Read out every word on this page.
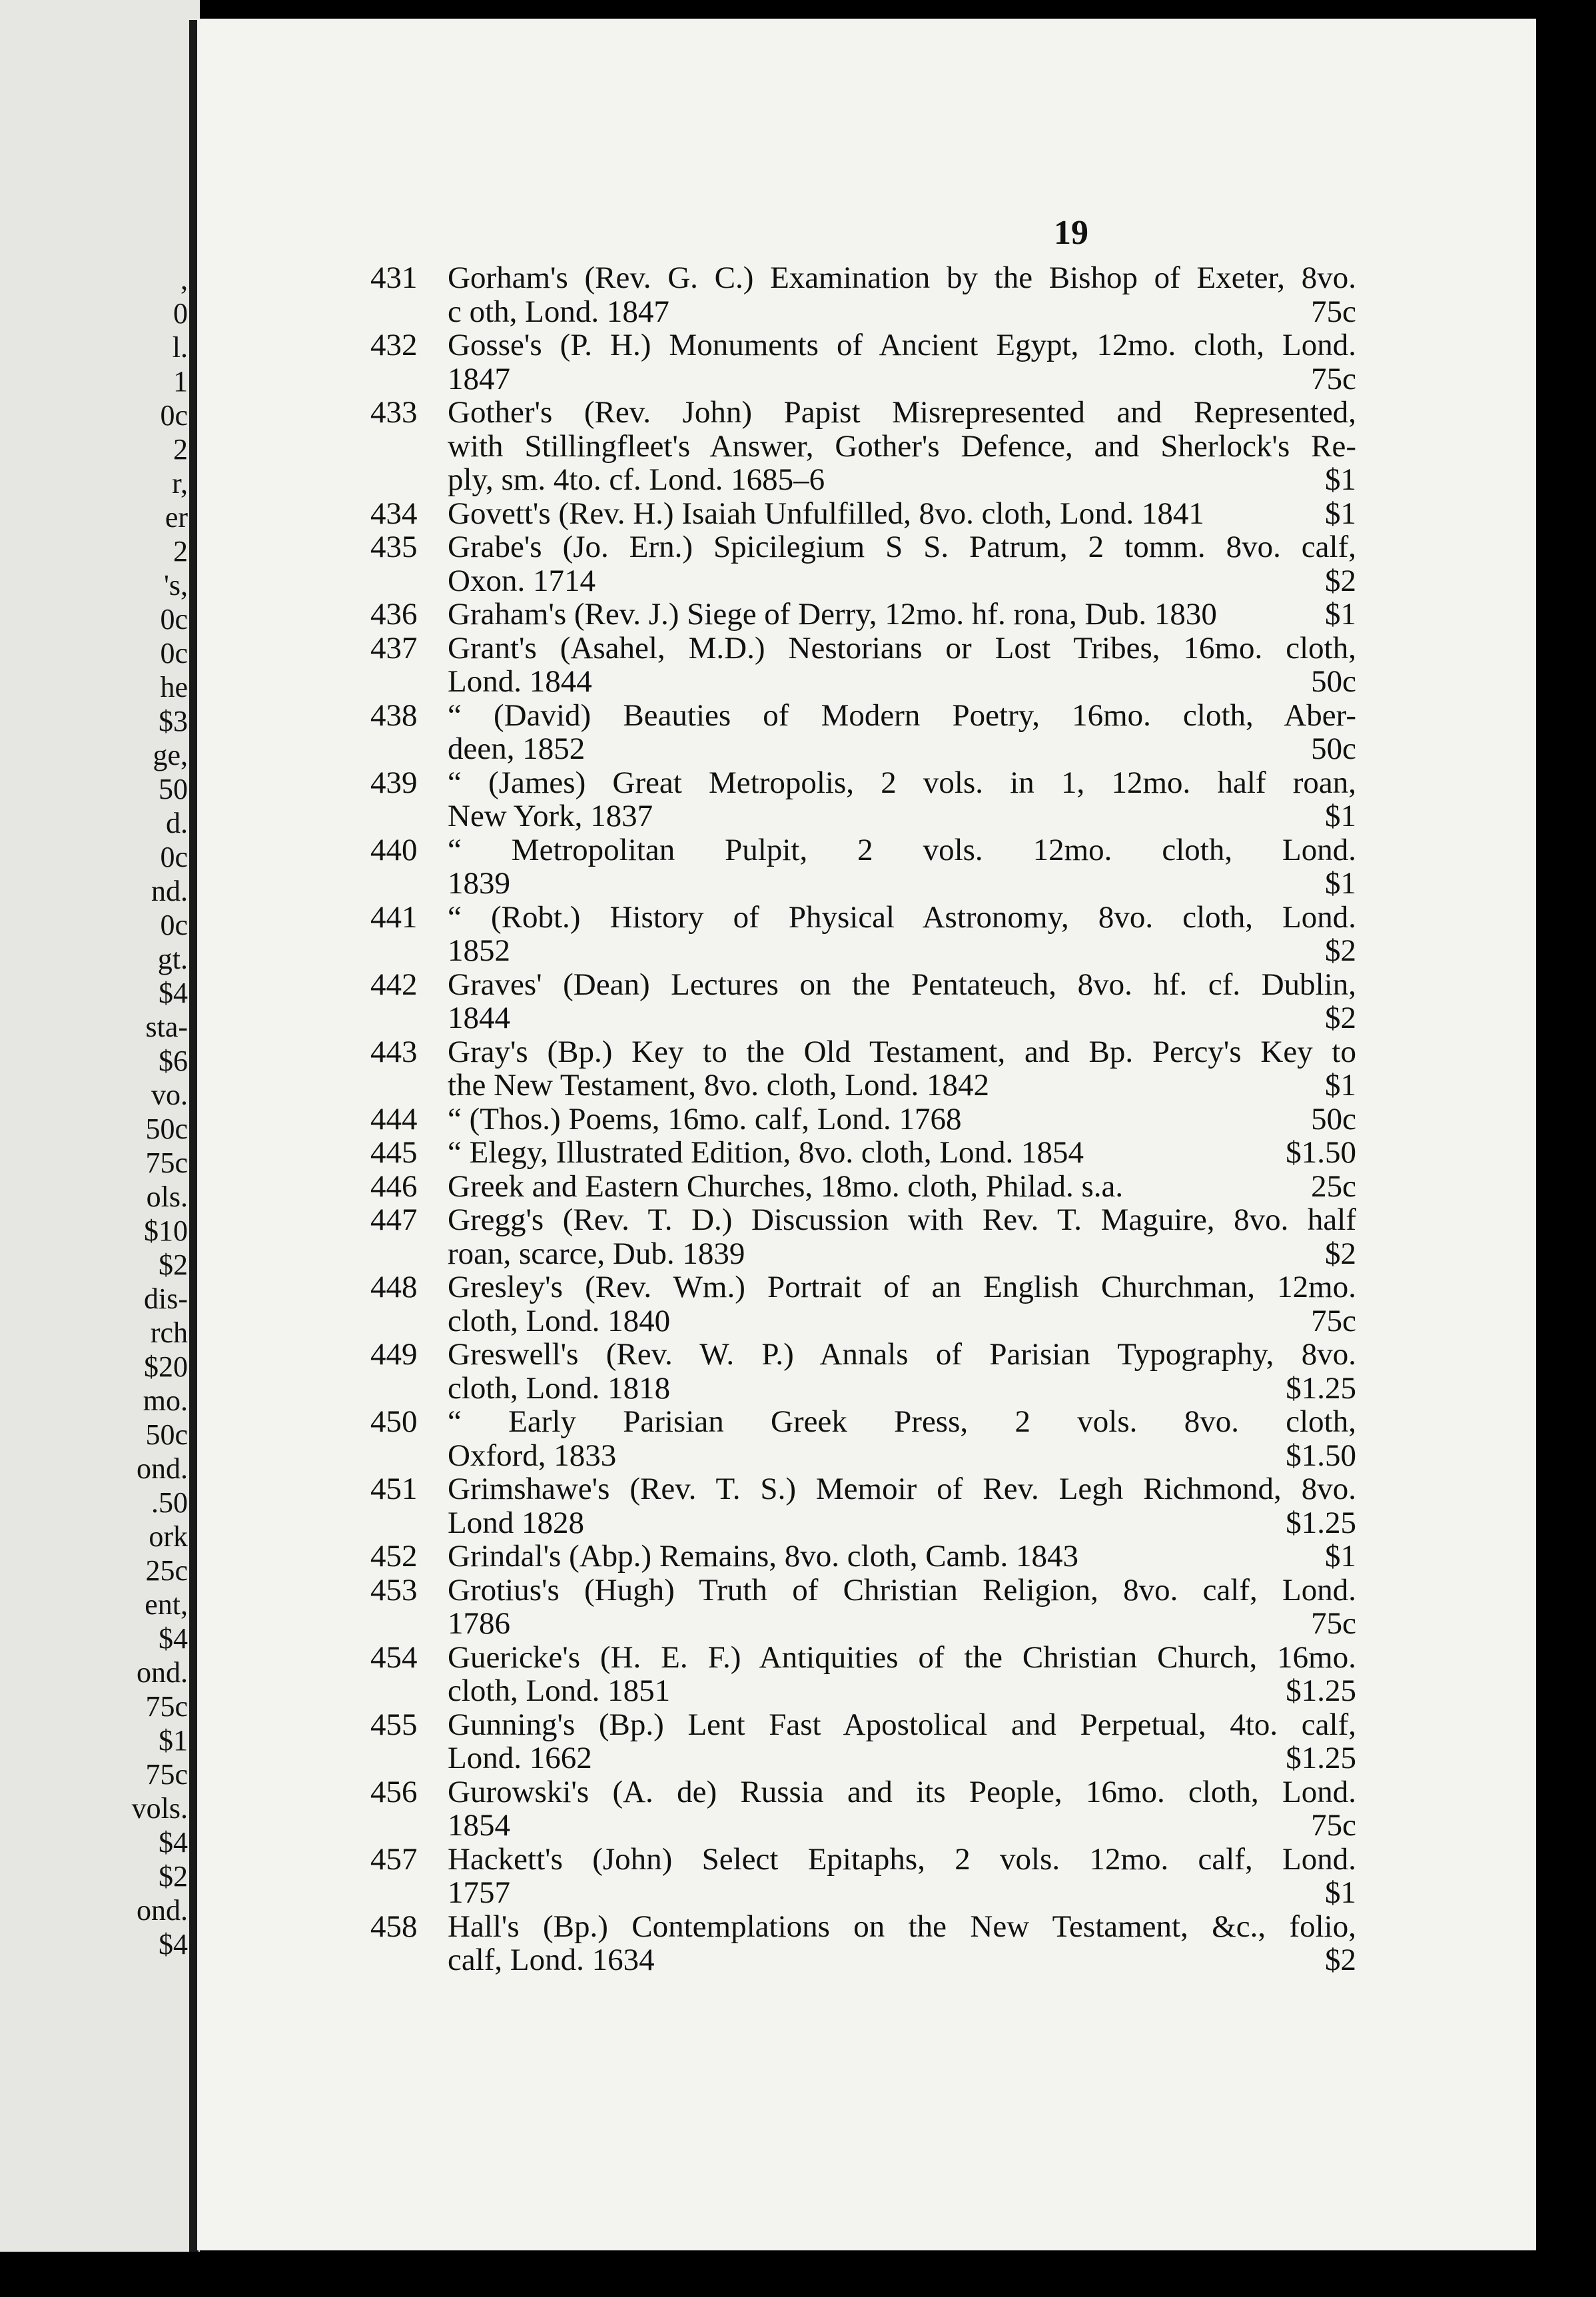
,
0
l.
1
0c
2
r,
er
2
's,
0c
0c
he
$3
ge,
50
d.
0c
nd.
0c
gt.
$4
sta-
$6
vo.
50c
75c
ols.
$10
$2
dis-
rch
$20
mo.
50c
ond.
.50
ork
25c
ent,
$4
ond.
75c
$1
75c
vols.
$4
$2
ond.
$4
19
431 Gorham's (Rev. G. C.) Examination by the Bishop of Exeter, 8vo.
c oth, Lond. 1847	75c
432 Gosse's (P. H.) Monuments of Ancient Egypt, 12mo. cloth, Lond.
1847	75c
433 Gother's (Rev. John) Papist Misrepresented and Represented,
with Stillingfleet's Answer, Gother's Defence, and Sherlock's Re-
ply, sm. 4to. cf. Lond. 1685–6	$1
434 Govett's (Rev. H.) Isaiah Unfulfilled, 8vo. cloth, Lond. 1841	$1
435 Grabe's (Jo. Ern.) Spicilegium S S. Patrum, 2 tomm. 8vo. calf,
Oxon. 1714	$2
436 Graham's (Rev. J.) Siege of Derry, 12mo. hf. rona, Dub. 1830	$1
437 Grant's (Asahel, M.D.) Nestorians or Lost Tribes, 16mo. cloth,
Lond. 1844	50c
438 “ (David) Beauties of Modern Poetry, 16mo. cloth, Aber-
deen, 1852	50c
439 “ (James) Great Metropolis, 2 vols. in 1, 12mo. half roan,
New York, 1837	$1
440 “ Metropolitan Pulpit, 2 vols. 12mo. cloth, Lond.
1839	$1
441 “ (Robt.) History of Physical Astronomy, 8vo. cloth, Lond.
1852	$2
442 Graves' (Dean) Lectures on the Pentateuch, 8vo. hf. cf. Dublin,
1844	$2
443 Gray's (Bp.) Key to the Old Testament, and Bp. Percy's Key to
the New Testament, 8vo. cloth, Lond. 1842	$1
444 “ (Thos.) Poems, 16mo. calf, Lond. 1768	50c
445 “ Elegy, Illustrated Edition, 8vo. cloth, Lond. 1854	$1.50
446 Greek and Eastern Churches, 18mo. cloth, Philad. s.a.	25c
447 Gregg's (Rev. T. D.) Discussion with Rev. T. Maguire, 8vo. half
roan, scarce, Dub. 1839	$2
448 Gresley's (Rev. Wm.) Portrait of an English Churchman, 12mo.
cloth, Lond. 1840	75c
449 Greswell's (Rev. W. P.) Annals of Parisian Typography, 8vo.
cloth, Lond. 1818	$1.25
450 “ Early Parisian Greek Press, 2 vols. 8vo. cloth,
Oxford, 1833	$1.50
451 Grimshawe's (Rev. T. S.) Memoir of Rev. Legh Richmond, 8vo.
Lond 1828	$1.25
452 Grindal's (Abp.) Remains, 8vo. cloth, Camb. 1843	$1
453 Grotius's (Hugh) Truth of Christian Religion, 8vo. calf, Lond.
1786	75c
454 Guericke's (H. E. F.) Antiquities of the Christian Church, 16mo.
cloth, Lond. 1851	$1.25
455 Gunning's (Bp.) Lent Fast Apostolical and Perpetual, 4to. calf,
Lond. 1662	$1.25
456 Gurowski's (A. de) Russia and its People, 16mo. cloth, Lond.
1854	75c
457 Hackett's (John) Select Epitaphs, 2 vols. 12mo. calf, Lond.
1757	$1
458 Hall's (Bp.) Contemplations on the New Testament, &c., folio,
calf, Lond. 1634	$2
